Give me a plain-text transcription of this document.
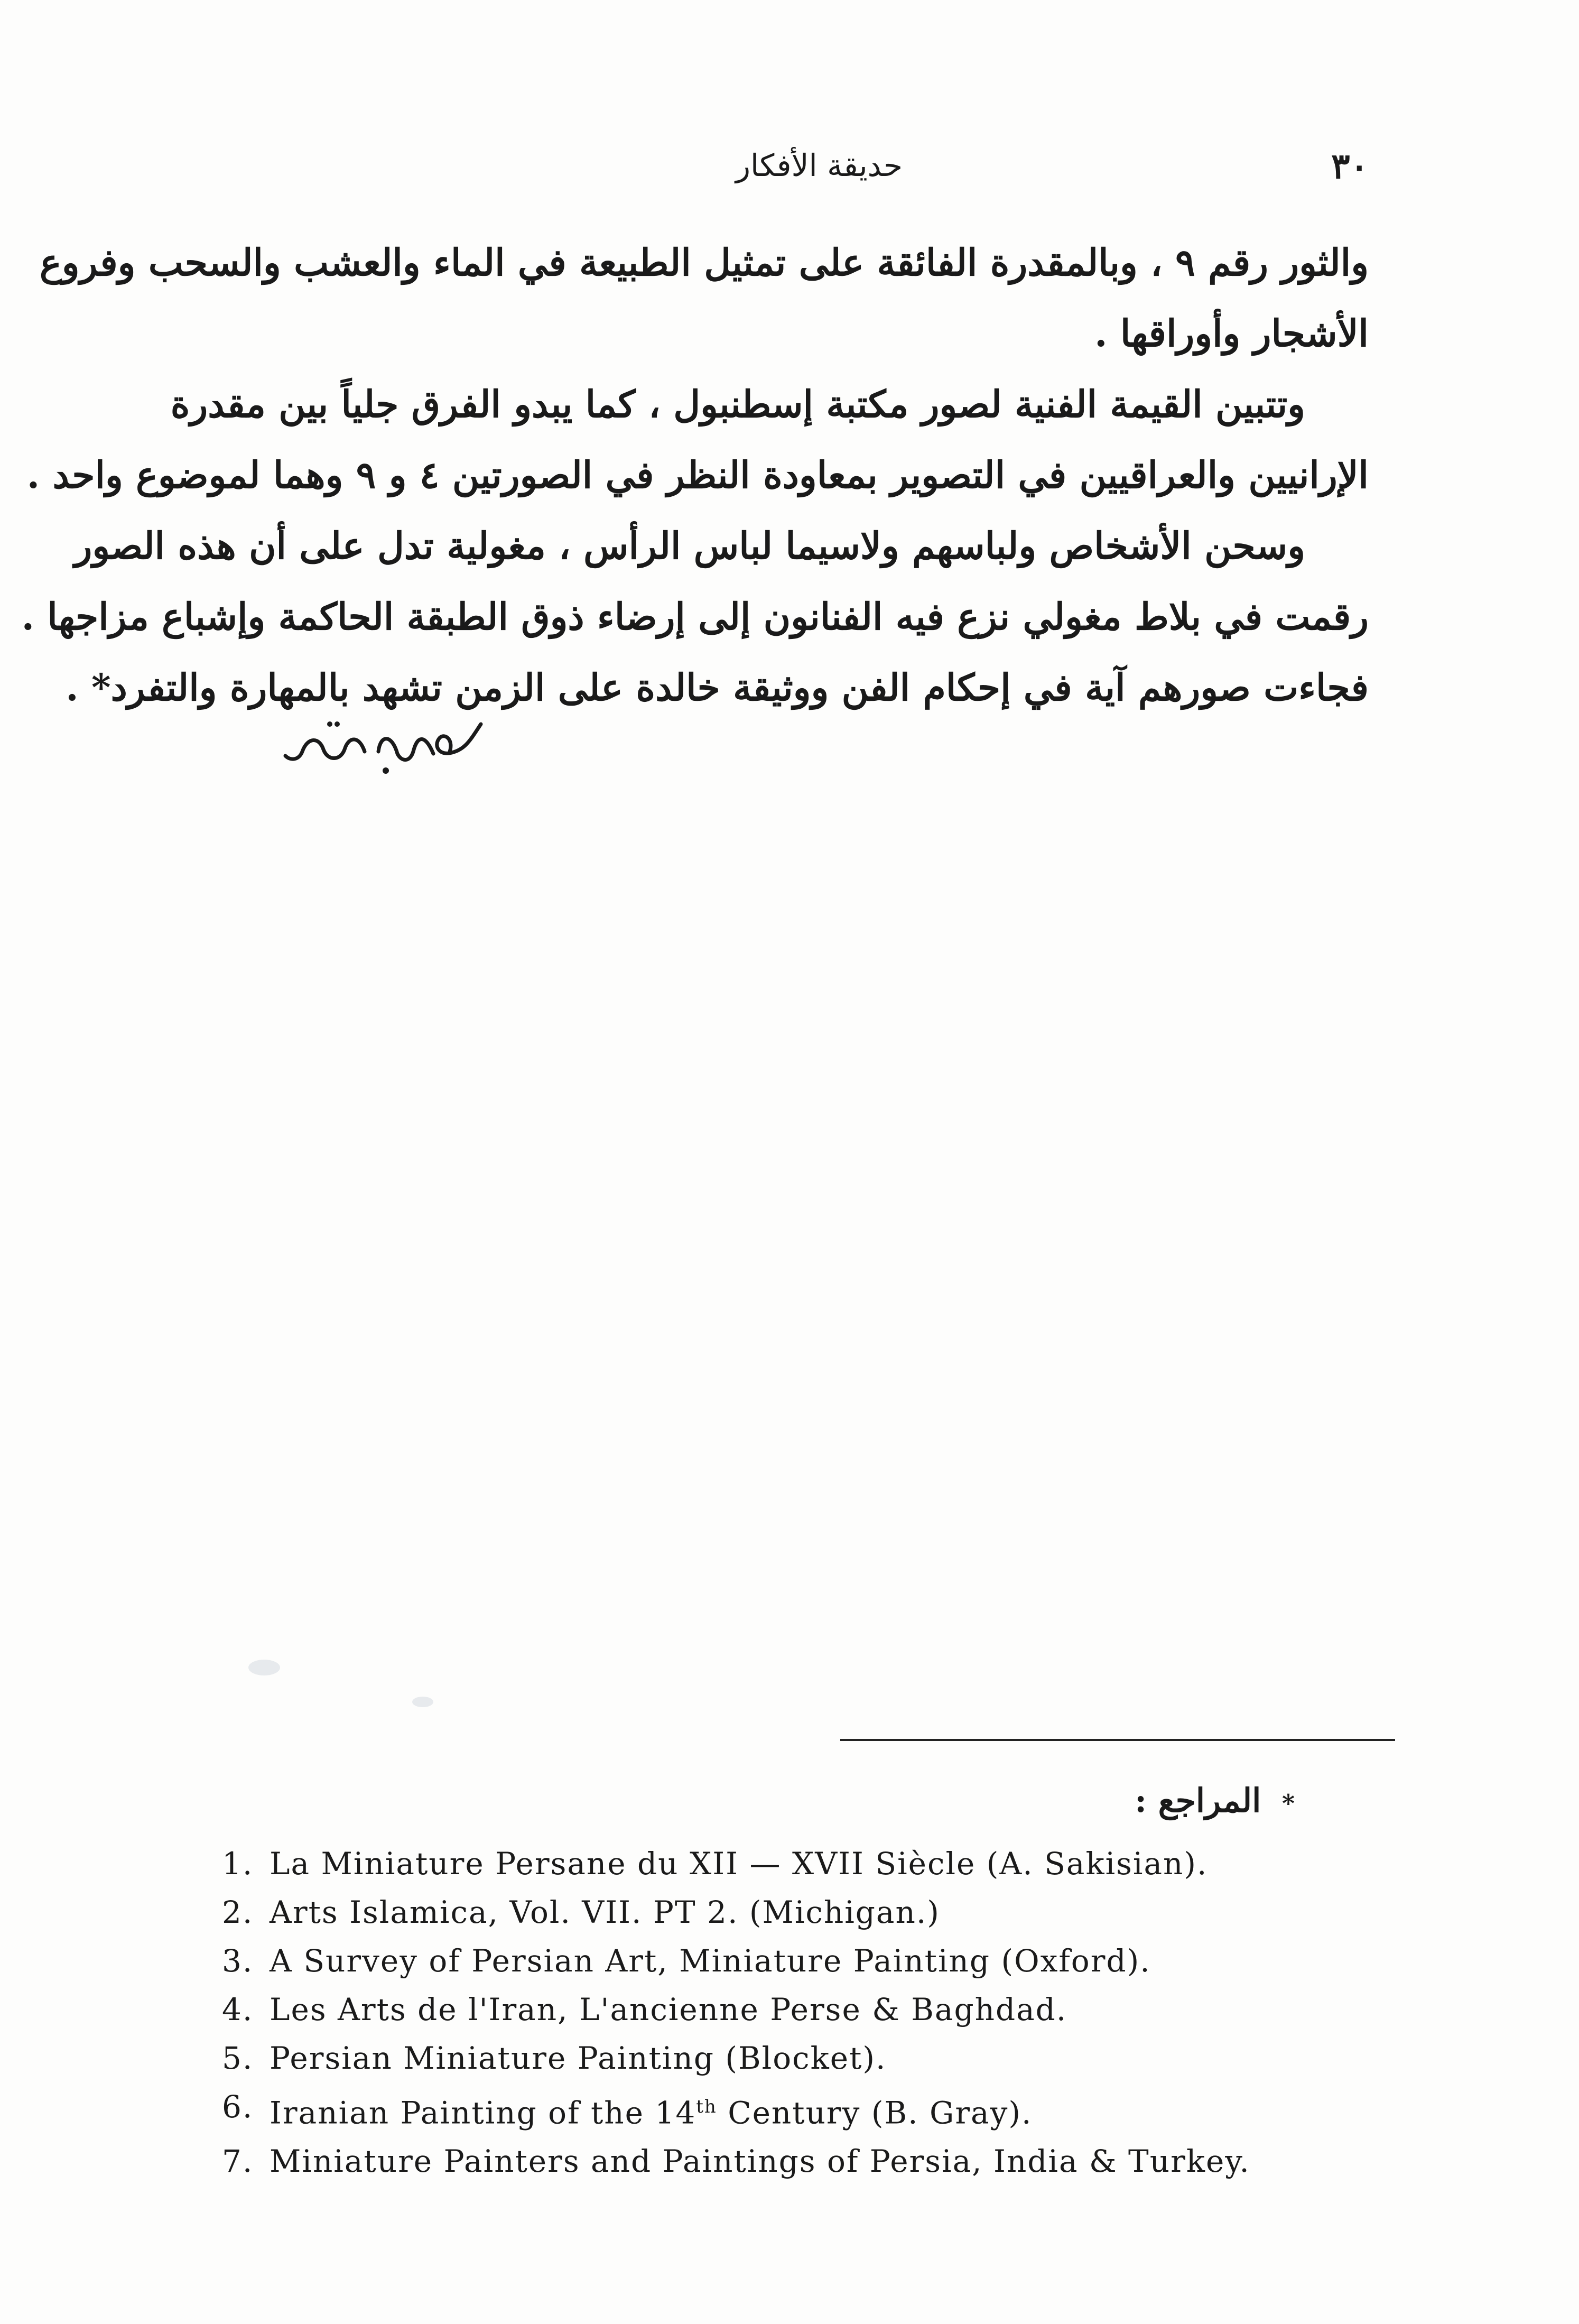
حديقة الأفكار	٣٠
والثور رقم ٩ ، وبالمقدرة الفائقة على تمثيل الطبيعة في الماء والعشب والسحب وفروع
الأشجار وأوراقها .
وتتبين القيمة الفنية لصور مكتبة إسطنبول ، كما يبدو الفرق جلياً بين مقدرة
الإرانيين والعراقيين في التصوير بمعاودة النظر في الصورتين ٤ و ٩ وهما لموضوع واحد .
وسحن الأشخاص ولباسهم ولاسيما لباس الرأس ، مغولية تدل على أن هذه الصور
رقمت في بلاط مغولي نزع فيه الفنانون إلى إرضاء ذوق الطبقة الحاكمة وإشباع مزاجها .
فجاءت صورهم آية في إحكام الفن ووثيقة خالدة على الزمن تشهد بالمهارة والتفرد* .
* المراجع :
1. La Miniature Persane du XII — XVII Siècle (A. Sakisian).
2. Arts Islamica, Vol. VII. PT 2. (Michigan.)
3. A Survey of Persian Art, Miniature Painting (Oxford).
4. Les Arts de l'Iran, L'ancienne Perse & Baghdad.
5. Persian Miniature Painting (Blocket).
6. Iranian Painting of the 14th Century (B. Gray).
7. Miniature Painters and Paintings of Persia, India & Turkey.
